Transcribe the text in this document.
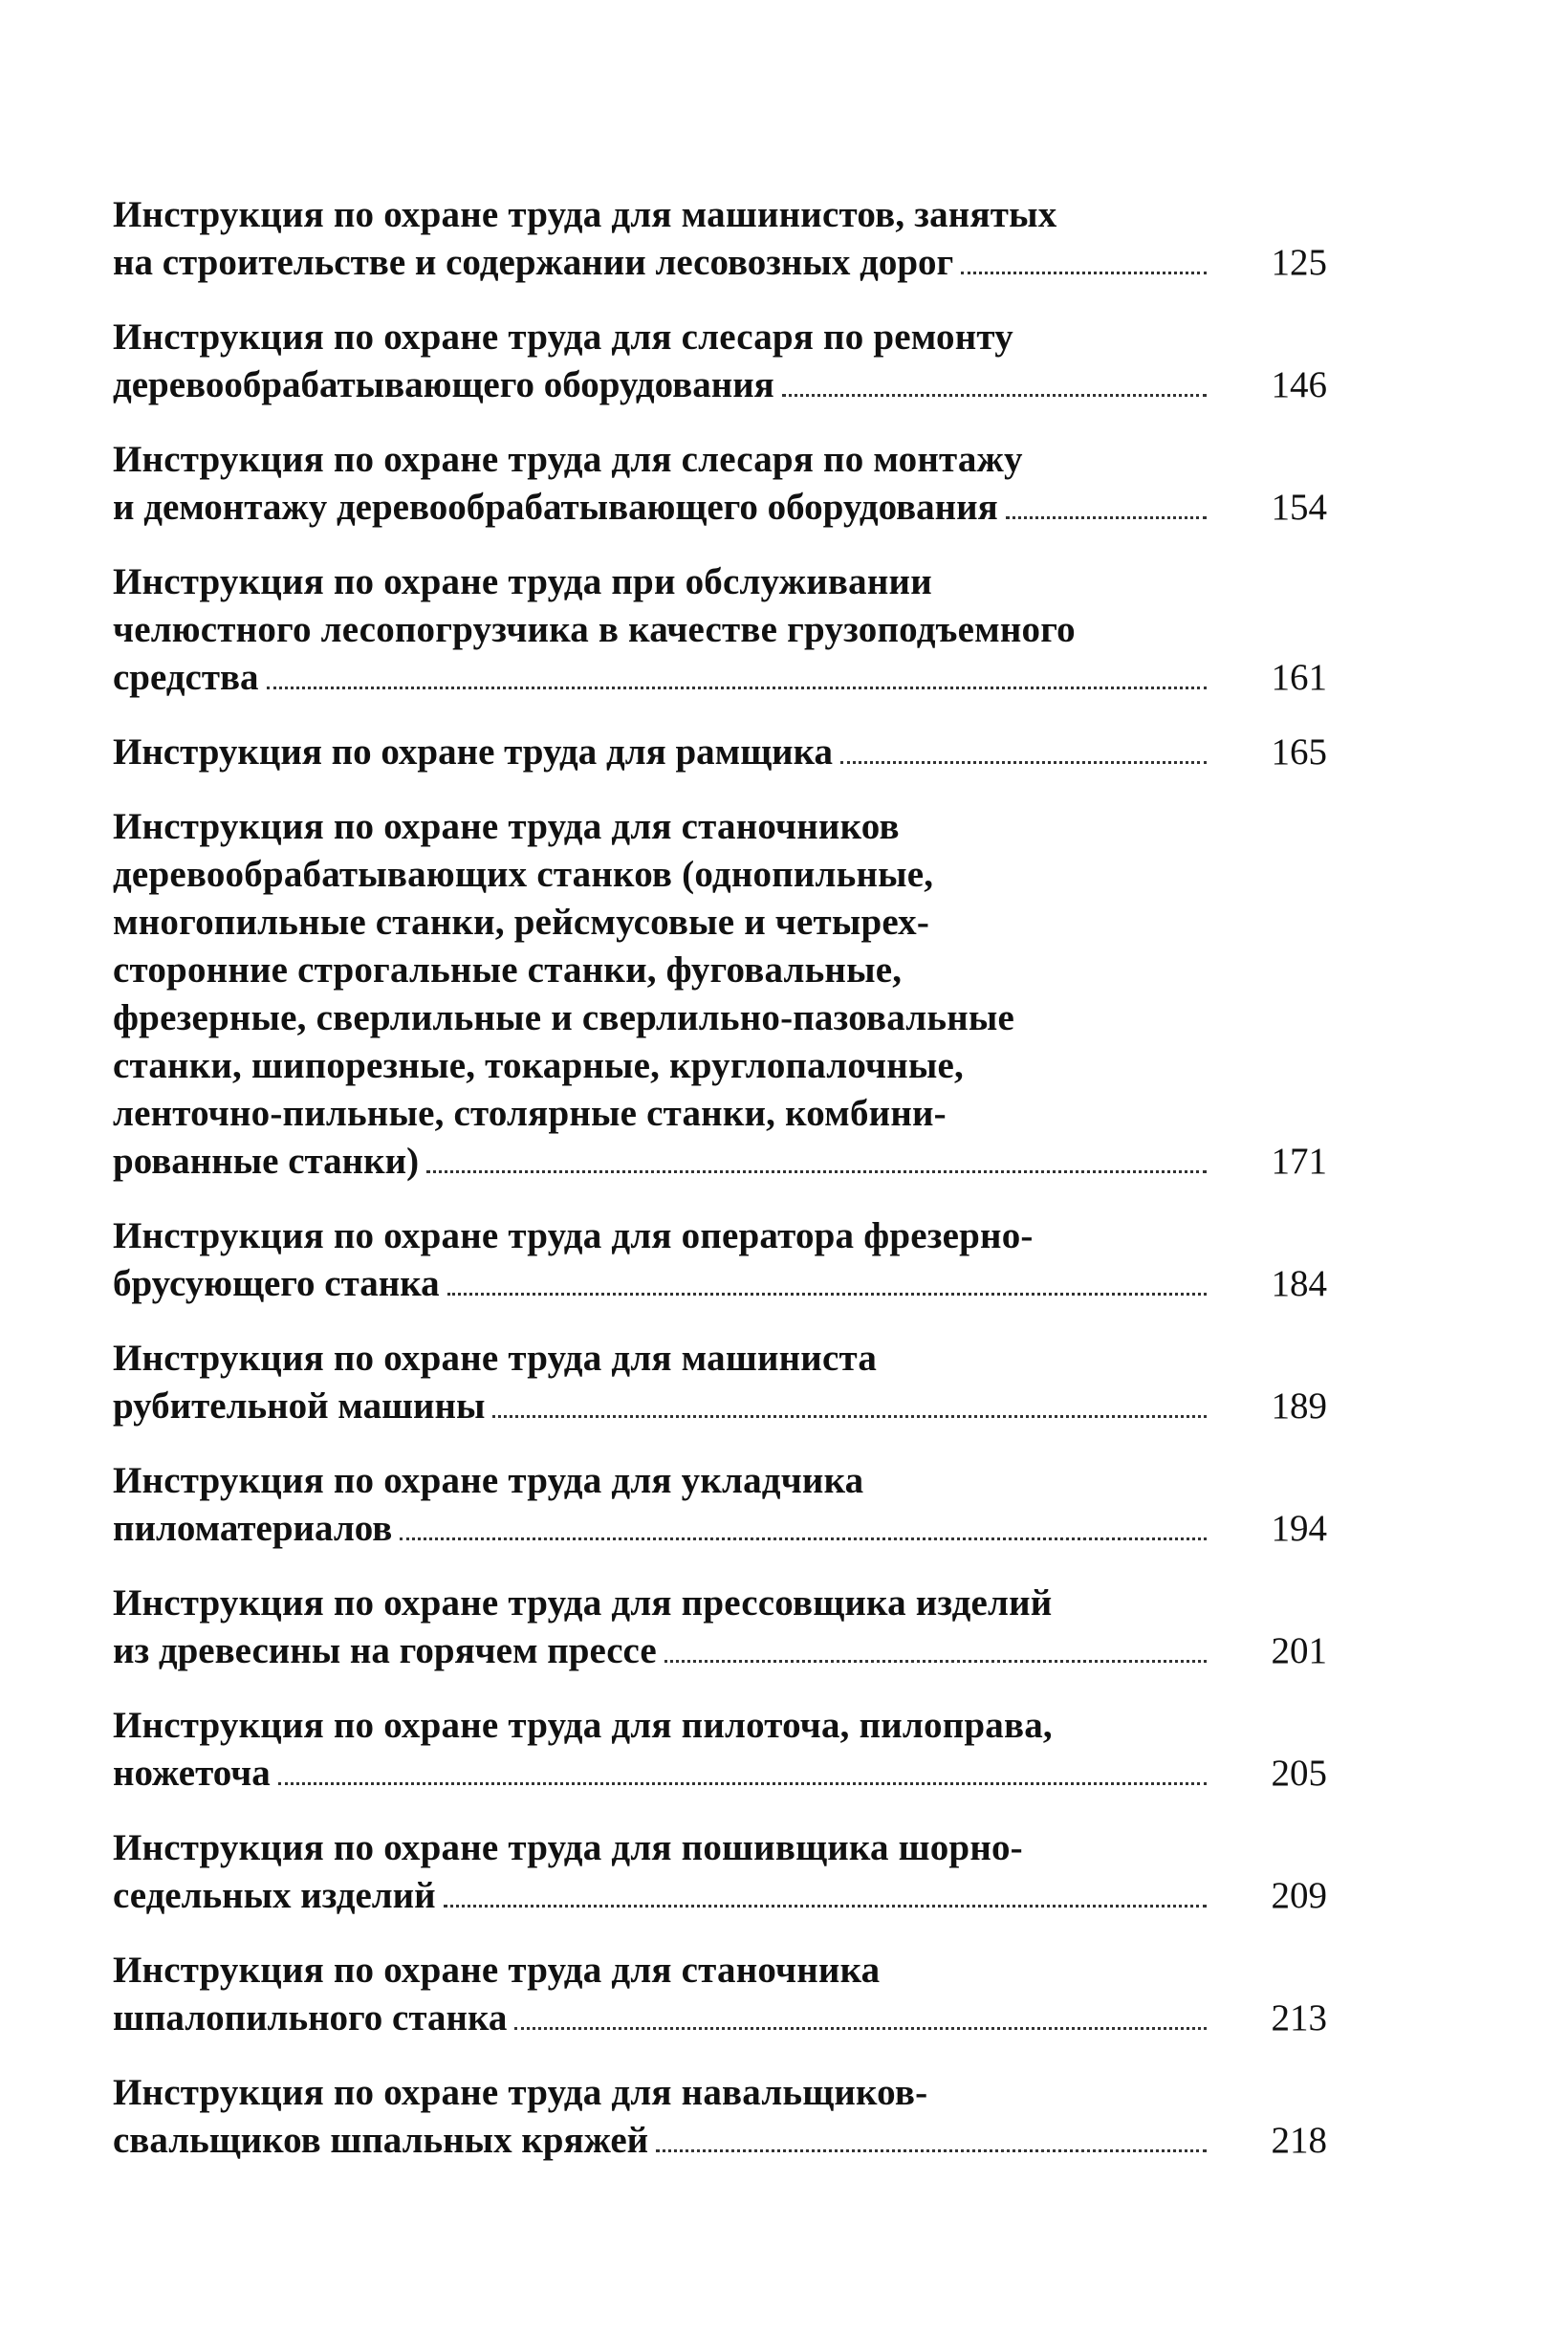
Инструкция по охране труда для машинистов, занятых
на строительстве и содержании лесовозных дорог	125
Инструкция по охране труда для слесаря по ремонту
деревообрабатывающего оборудования	146
Инструкция по охране труда для слесаря по монтажу
и демонтажу деревообрабатывающего оборудования	154
Инструкция по охране труда при обслуживании
челюстного лесопогрузчика в качестве грузоподъемного
средства	161
Инструкция по охране труда для рамщика	165
Инструкция по охране труда для станочников
деревообрабатывающих станков (однопильные,
многопильные станки, рейсмусовые и четырех-
сторонние строгальные станки, фуговальные,
фрезерные, сверлильные и сверлильно-пазовальные
станки, шипорезные, токарные, круглопалочные,
ленточно-пильные, столярные станки, комбини-
рованные станки)	171
Инструкция по охране труда для оператора фрезерно-
брусующего станка	184
Инструкция по охране труда для машиниста
рубительной машины	189
Инструкция по охране труда для укладчика
пиломатериалов	194
Инструкция по охране труда для прессовщика изделий
из древесины на горячем прессе	201
Инструкция по охране труда для пилоточа, пилоправа,
ножеточа	205
Инструкция по охране труда для пошивщика шорно-
седельных изделий	209
Инструкция по охране труда для станочника
шпалопильного станка	213
Инструкция по охране труда для навальщиков-
свальщиков шпальных кряжей	218
